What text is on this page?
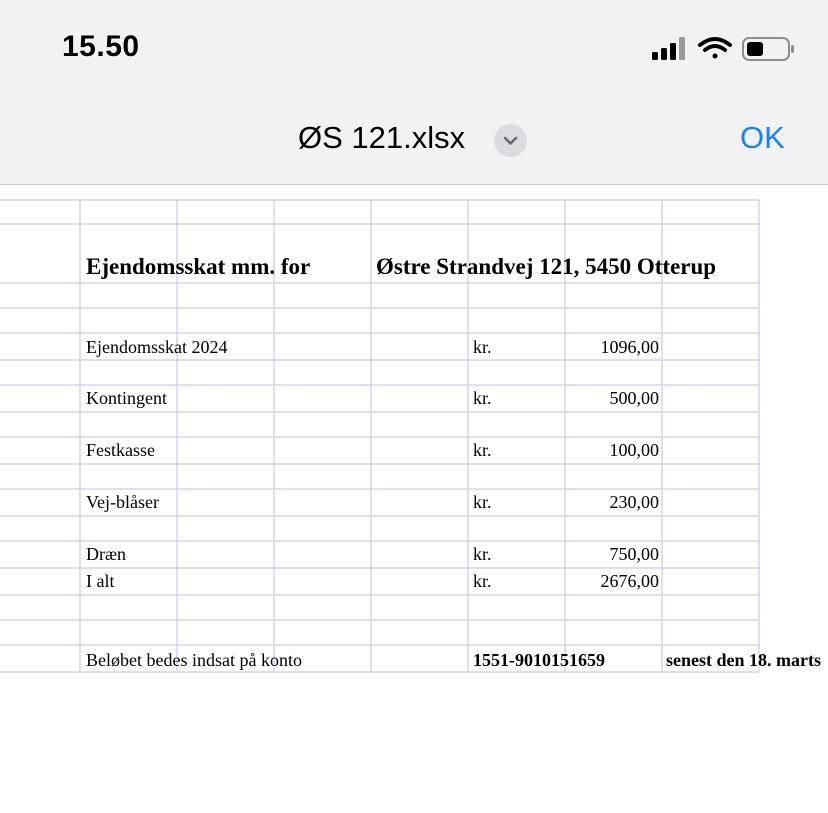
15.50
ØS 121.xlsx	OK
Ejendomsskat mm. for	Østre Strandvej 121, 5450 Otterup
Ejendomsskat 2024	kr.	1096,00
Kontingent	kr.	500,00
Festkasse	kr.	100,00
Vej-blåser	kr.	230,00
Dræn	kr.	750,00
I alt	kr.	2676,00
Beløbet bedes indsat på konto	1551-9010151659	senest den 18. marts
